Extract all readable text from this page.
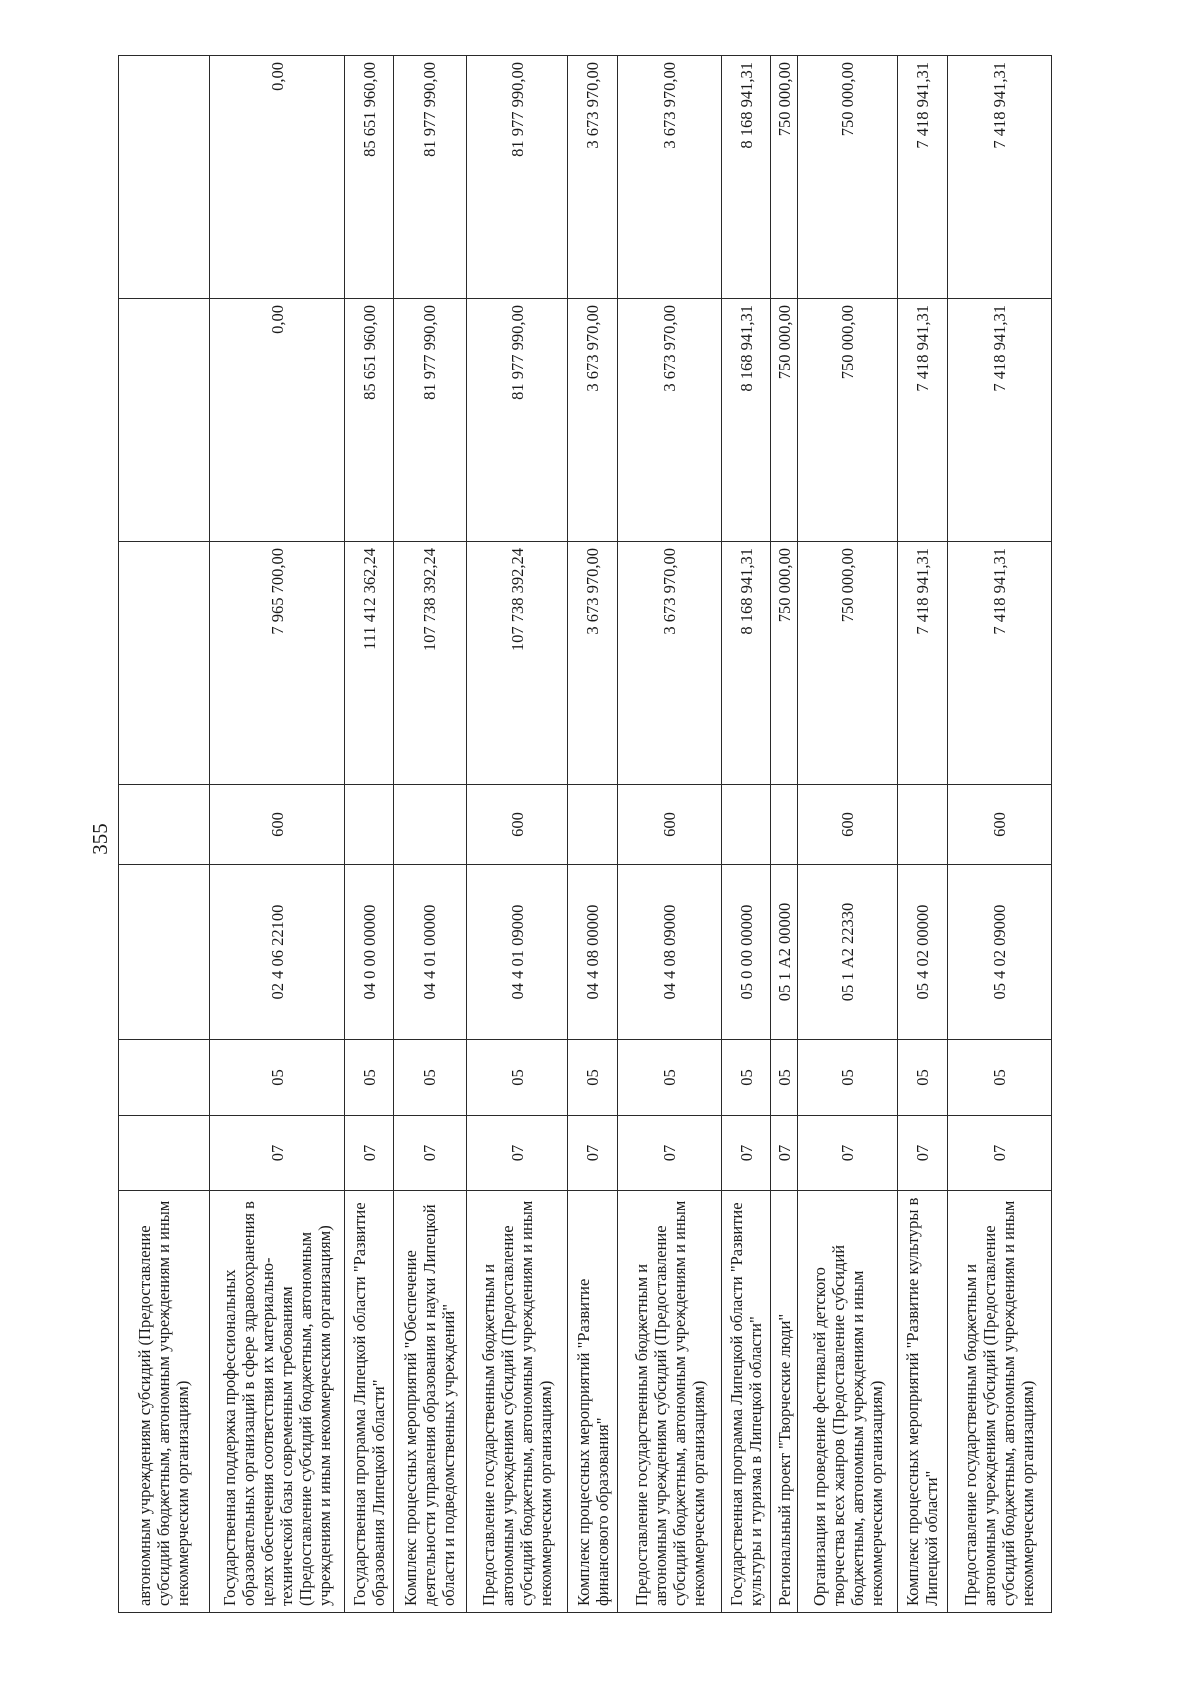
355
автономным учреждениям субсидий (Предоставление субсидий бюджетным, автономным учреждениям и иным некоммерческим организациям)							
Государственная поддержка профессиональных образовательных организаций в сфере здравоохранения в целях обеспечения соответствия их материально-технической базы современным требованиям (Предоставление субсидий бюджетным, автономным учреждениям и иным некоммерческим организациям)	07	05	02 4 06 22100	600	7 965 700,00	0,00	0,00
Государственная программа Липецкой области "Развитие образования Липецкой области"	07	05	04 0 00 00000		111 412 362,24	85 651 960,00	85 651 960,00
Комплекс процессных мероприятий "Обеспечение деятельности управления образования и науки Липецкой области и подведомственных учреждений"	07	05	04 4 01 00000		107 738 392,24	81 977 990,00	81 977 990,00
Предоставление государственным бюджетным и автономным учреждениям субсидий (Предоставление субсидий бюджетным, автономным учреждениям и иным некоммерческим организациям)	07	05	04 4 01 09000	600	107 738 392,24	81 977 990,00	81 977 990,00
Комплекс процессных мероприятий "Развитие финансового образования"	07	05	04 4 08 00000		3 673 970,00	3 673 970,00	3 673 970,00
Предоставление государственным бюджетным и автономным учреждениям субсидий (Предоставление субсидий бюджетным, автономным учреждениям и иным некоммерческим организациям)	07	05	04 4 08 09000	600	3 673 970,00	3 673 970,00	3 673 970,00
Государственная программа Липецкой области "Развитие культуры и туризма в Липецкой области"	07	05	05 0 00 00000		8 168 941,31	8 168 941,31	8 168 941,31
Региональный проект "Творческие люди"	07	05	05 1 А2 00000		750 000,00	750 000,00	750 000,00
Организация и проведение фестивалей детского творчества всех жанров (Предоставление субсидий бюджетным, автономным учреждениям и иным некоммерческим организациям)	07	05	05 1 А2 22330	600	750 000,00	750 000,00	750 000,00
Комплекс процессных мероприятий "Развитие культуры в Липецкой области"	07	05	05 4 02 00000		7 418 941,31	7 418 941,31	7 418 941,31
Предоставление государственным бюджетным и автономным учреждениям субсидий (Предоставление субсидий бюджетным, автономным учреждениям и иным некоммерческим организациям)	07	05	05 4 02 09000	600	7 418 941,31	7 418 941,31	7 418 941,31
